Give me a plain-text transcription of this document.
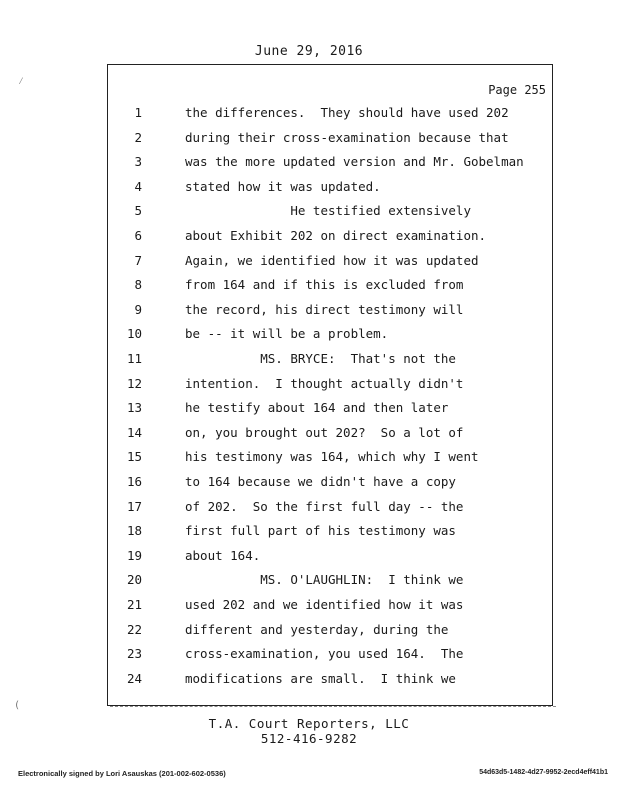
June 29, 2016
Page 255
1	the differences.  They should have used 202
2	during their cross-examination because that
3	was the more updated version and Mr. Gobelman
4	stated how it was updated.
5	He testified extensively
6	about Exhibit 202 on direct examination.
7	Again, we identified how it was updated
8	from 164 and if this is excluded from
9	the record, his direct testimony will
10	be -- it will be a problem.
11	MS. BRYCE:  That's not the
12	intention.  I thought actually didn't
13	he testify about 164 and then later
14	on, you brought out 202?  So a lot of
15	his testimony was 164, which why I went
16	to 164 because we didn't have a copy
17	of 202.  So the first full day -- the
18	first full part of his testimony was
19	about 164.
20	MS. O'LAUGHLIN:  I think we
21	used 202 and we identified how it was
22	different and yesterday, during the
23	cross-examination, you used 164.  The
24	modifications are small.  I think we
T.A. Court Reporters, LLC
512-416-9282
Electronically signed by Lori Asauskas (201-002-602-0536)	54d63d5-1482-4d27-9952-2ecd4eff41b1
⁄
(
